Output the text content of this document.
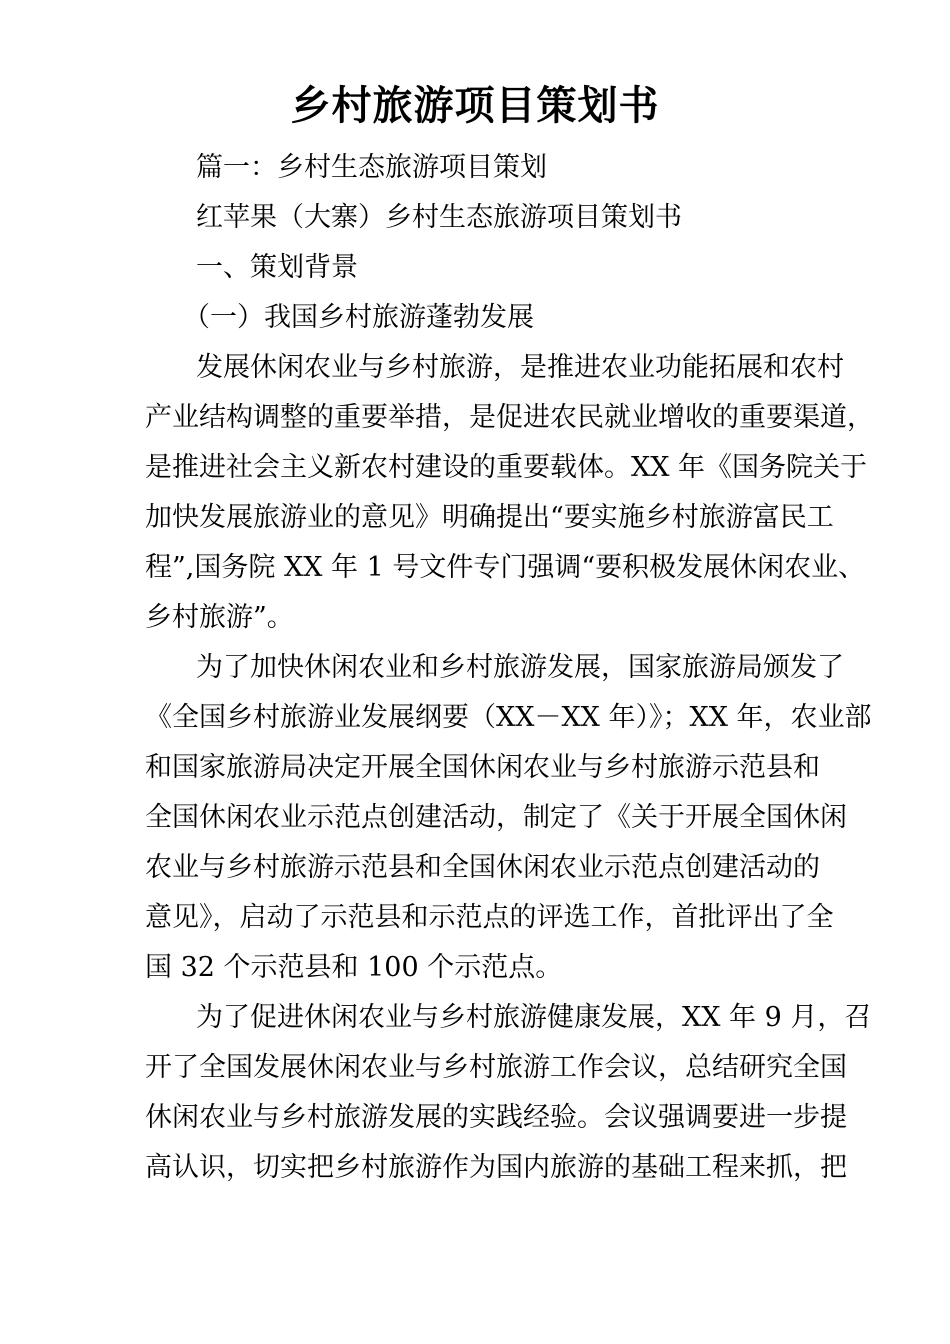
乡村旅游项目策划书
篇一：乡村生态旅游项目策划
红苹果（大寨）乡村生态旅游项目策划书
一、策划背景
（一）我国乡村旅游蓬勃发展
发展休闲农业与乡村旅游，是推进农业功能拓展和农村
产业结构调整的重要举措，是促进农民就业增收的重要渠道，
是推进社会主义新农村建设的重要载体。XX 年《国务院关于
加快发展旅游业的意见》明确提出“要实施乡村旅游富民工
程”,国务院 XX 年 1 号文件专门强调“要积极发展休闲农业、
乡村旅游”。
为了加快休闲农业和乡村旅游发展，国家旅游局颁发了
《全国乡村旅游业发展纲要（XX－XX 年）》；XX 年，农业部
和国家旅游局决定开展全国休闲农业与乡村旅游示范县和
全国休闲农业示范点创建活动，制定了《关于开展全国休闲
农业与乡村旅游示范县和全国休闲农业示范点创建活动的
意见》，启动了示范县和示范点的评选工作，首批评出了全
国 32 个示范县和 100 个示范点。
为了促进休闲农业与乡村旅游健康发展，XX 年 9 月，召
开了全国发展休闲农业与乡村旅游工作会议，总结研究全国
休闲农业与乡村旅游发展的实践经验。会议强调要进一步提
高认识，切实把乡村旅游作为国内旅游的基础工程来抓，把
